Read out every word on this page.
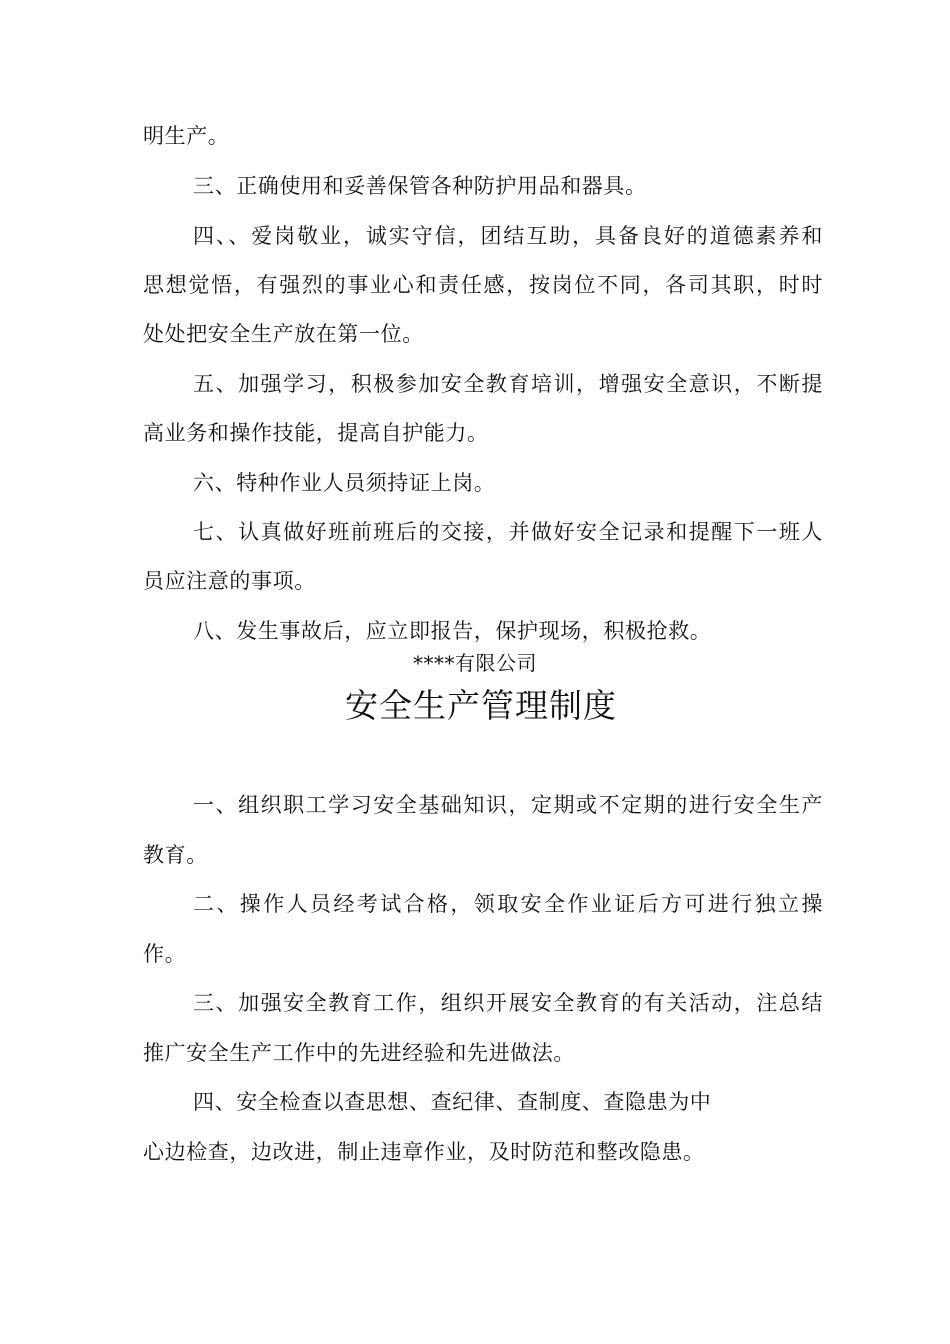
明生产。
三、正确使用和妥善保管各种防护用品和器具。
四、、爱岗敬业，诚实守信，团结互助，具备良好的道德素养和
思想觉悟，有强烈的事业心和责任感，按岗位不同，各司其职，时时
处处把安全生产放在第一位。
五、加强学习，积极参加安全教育培训，增强安全意识，不断提
高业务和操作技能，提高自护能力。
六、特种作业人员须持证上岗。
七、认真做好班前班后的交接，并做好安全记录和提醒下一班人
员应注意的事项。
八、发生事故后，应立即报告，保护现场，积极抢救。
****有限公司
安全生产管理制度
一、组织职工学习安全基础知识，定期或不定期的进行安全生产
教育。
二、操作人员经考试合格，领取安全作业证后方可进行独立操
作。
三、加强安全教育工作，组织开展安全教育的有关活动，注总结
推广安全生产工作中的先进经验和先进做法。
四、安全检查以查思想、查纪律、查制度、查隐患为中
心边检查，边改进，制止违章作业，及时防范和整改隐患。
